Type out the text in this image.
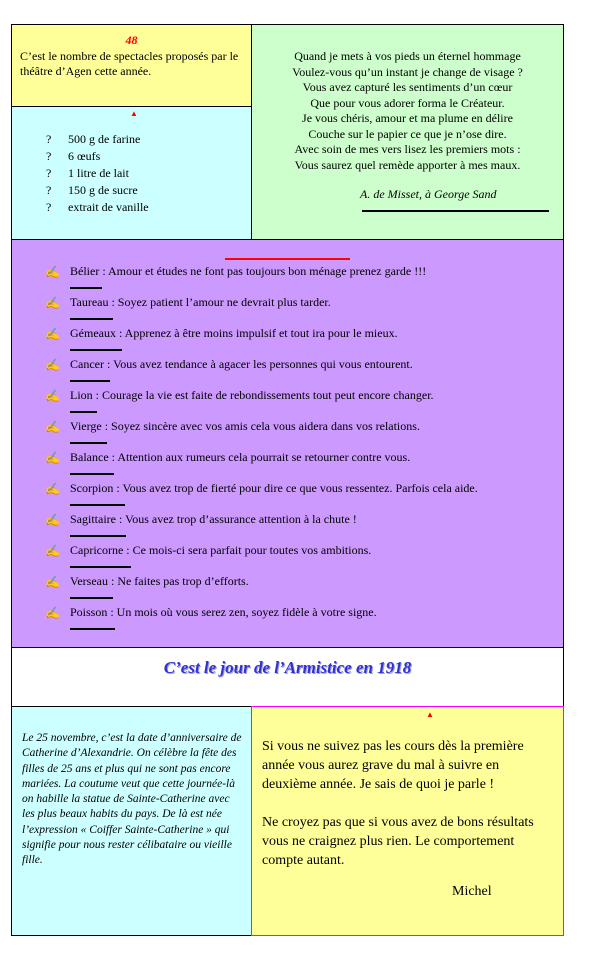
48
C’est le nombre de spectacles proposés par le théâtre d’Agen cette année.
Quand je mets à vos pieds un éternel hommage
Voulez-vous qu’un instant je change de visage ?
Vous avez capturé les sentiments d’un cœur
Que pour vous adorer forma le Créateur.
Je vous chéris, amour et ma plume en délire
Couche sur le papier ce que je n’ose dire.
Avec soin de mes vers lisez les premiers mots :
Vous saurez quel remède apporter à mes maux.
A. de Misset, à George Sand
▲
? 500 g de farine
? 6 œufs
? 1 litre de lait
? 150 g de sucre
? extrait de vanille
✍ Bélier : Amour et études ne font pas toujours bon ménage prenez garde !!!
✍ Taureau : Soyez patient l’amour ne devrait plus tarder.
✍ Gémeaux : Apprenez à être moins impulsif et tout ira pour le mieux.
✍ Cancer : Vous avez tendance à agacer les personnes qui vous entourent.
✍ Lion : Courage la vie est faite de rebondissements tout peut encore changer.
✍ Vierge : Soyez sincère avec vos amis cela vous aidera dans vos relations.
✍ Balance : Attention aux rumeurs cela pourrait se retourner contre vous.
✍ Scorpion : Vous avez trop de fierté pour dire ce que vous ressentez. Parfois cela aide.
✍ Sagittaire : Vous avez trop d’assurance attention à la chute !
✍ Capricorne : Ce mois-ci sera parfait pour toutes vos ambitions.
✍ Verseau : Ne faites pas trop d’efforts.
✍ Poisson : Un mois où vous serez zen, soyez fidèle à votre signe.
C’est le jour de l’Armistice en 1918
Le 25 novembre, c’est la date d’anniversaire de Catherine d’Alexandrie. On célèbre la fête des filles de 25 ans et plus qui ne sont pas encore mariées. La coutume veut que cette journée-là on habille la statue de Sainte-Catherine avec les plus beaux habits du pays. De là est née l’expression « Coiffer Sainte-Catherine » qui signifie pour nous rester célibataire ou vieille fille.
▲

Si vous ne suivez pas les cours dès la première année vous aurez grave du mal à suivre en deuxième année. Je sais de quoi je parle !

Ne croyez pas que si vous avez de bons résultats vous ne craignez plus rien. Le comportement compte autant.

Michel
